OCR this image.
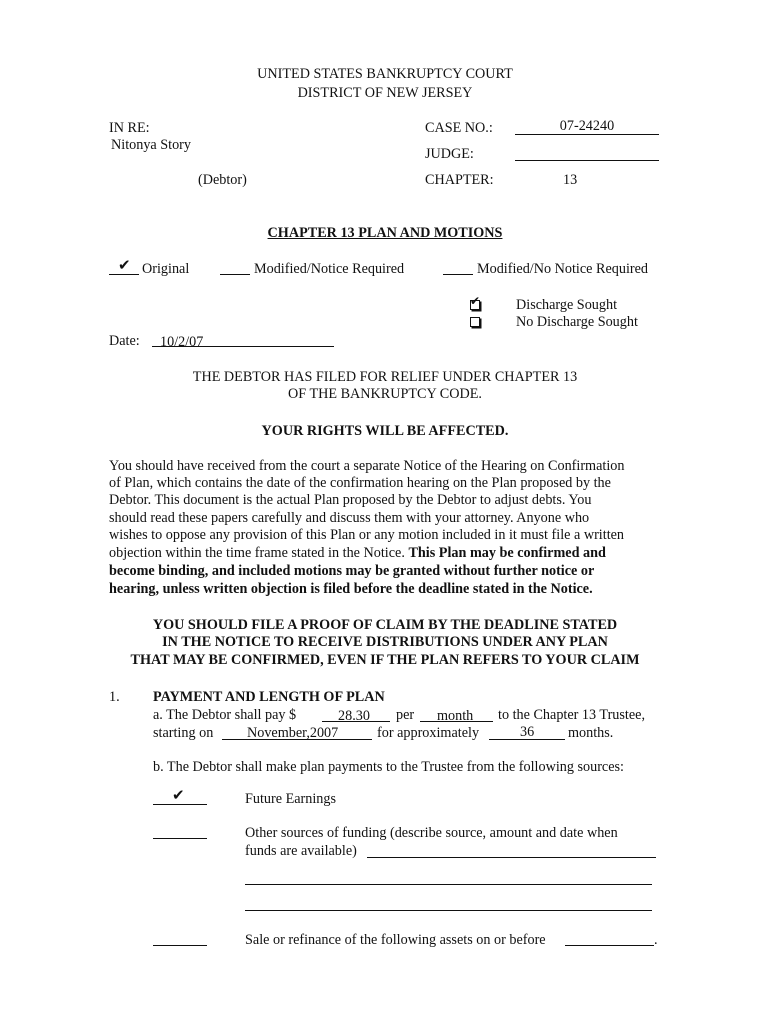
UNITED STATES BANKRUPTCY COURT
DISTRICT OF NEW JERSEY
IN RE:
Nitonya Story
(Debtor)
CASE NO.:	07-24240
JUDGE:
CHAPTER:	13
CHAPTER 13 PLAN AND MOTIONS
✔ Original	Modified/Notice Required	Modified/No Notice Required
✔	Discharge Sought
No Discharge Sought
Date: 10/2/07
THE DEBTOR HAS FILED FOR RELIEF UNDER CHAPTER 13
OF THE BANKRUPTCY CODE.
YOUR RIGHTS WILL BE AFFECTED.
You should have received from the court a separate Notice of the Hearing on Confirmation
of Plan, which contains the date of the confirmation hearing on the Plan proposed by the
Debtor. This document is the actual Plan proposed by the Debtor to adjust debts. You
should read these papers carefully and discuss them with your attorney. Anyone who
wishes to oppose any provision of this Plan or any motion included in it must file a written
objection within the time frame stated in the Notice. This Plan may be confirmed and
become binding, and included motions may be granted without further notice or
hearing, unless written objection is filed before the deadline stated in the Notice.
YOU SHOULD FILE A PROOF OF CLAIM BY THE DEADLINE STATED
IN THE NOTICE TO RECEIVE DISTRIBUTIONS UNDER ANY PLAN
THAT MAY BE CONFIRMED, EVEN IF THE PLAN REFERS TO YOUR CLAIM
1. PAYMENT AND LENGTH OF PLAN
a. The Debtor shall pay $	28.30 per month to the Chapter 13 Trustee,
starting on November,2007	for approximately	36 months.
b. The Debtor shall make plan payments to the Trustee from the following sources:
✔	Future Earnings
Other sources of funding (describe source, amount and date when
funds are available)
Sale or refinance of the following assets on or before	.
